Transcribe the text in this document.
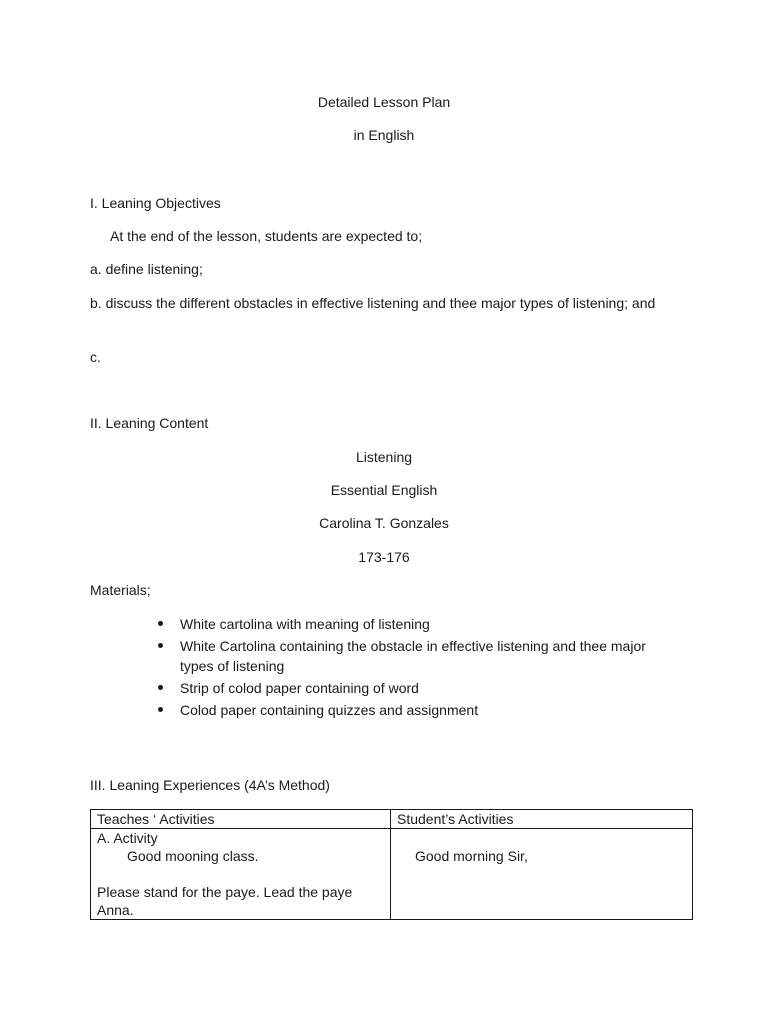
Detailed Lesson Plan
in English
I. Leaning Objectives
At the end of the lesson, students are expected to;
a. define listening;
b. discuss the different obstacles in effective listening and thee major types of listening; and
c.
II. Leaning Content
Listening
Essential English
Carolina T. Gonzales
173-176
Materials;
White cartolina with meaning of listening
White Cartolina containing the obstacle in effective listening and thee major types of listening
Strip of colod paper containing of word
Colod paper containing quizzes and assignment
III. Leaning Experiences (4A’s Method)
Teaches ‘ Activities	Student’s Activities

A. Activity
Good mooning class.
Please stand for the paye. Lead the paye Anna.	Good morning Sir,
